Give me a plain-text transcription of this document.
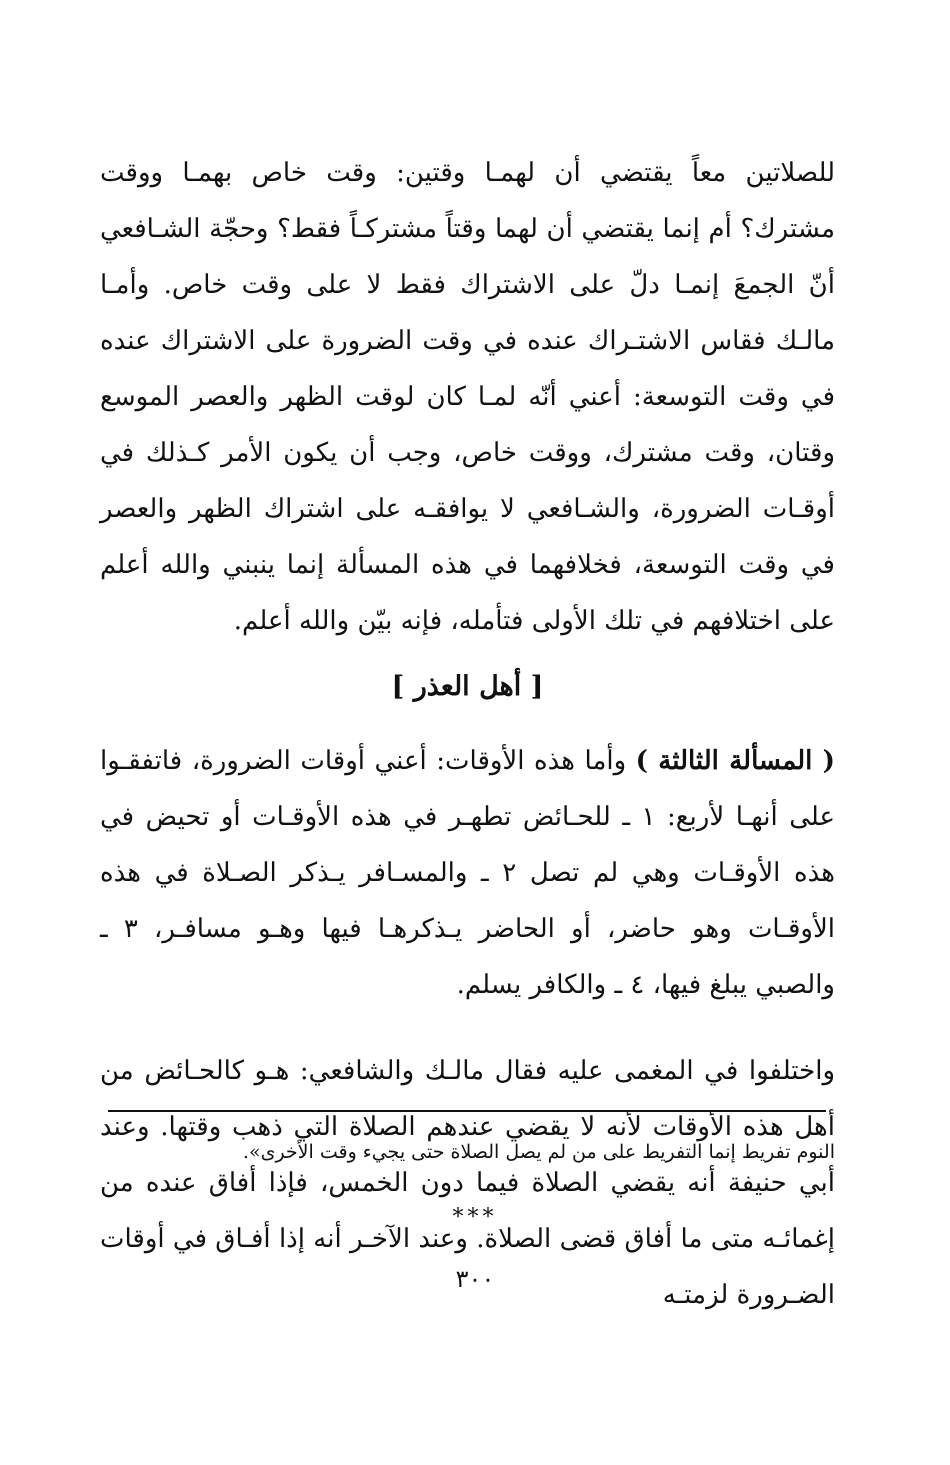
للصلاتين معاً يقتضي أن لهمـا وقتين: وقت خاص بهمـا ووقت مشترك؟ أم إنما يقتضي أن لهما وقتاً مشتركـاً فقط؟ وحجّة الشـافعي أنّ الجمعَ إنمـا دلّ على الاشتراك فقط لا على وقت خاص. وأمـا مالـك فقاس الاشتـراك عنده في وقت الضرورة على الاشتراك عنده في وقت التوسعة: أعني أنّه لمـا كان لوقت الظهر والعصر الموسع وقتان، وقت مشترك، ووقت خاص، وجب أن يكون الأمر كـذلك في أوقـات الضرورة، والشـافعي لا يوافقـه على اشتراك الظهر والعصر في وقت التوسعة، فخلافهما في هذه المسألة إنما ينبني والله أعلم على اختلافهم في تلك الأولى فتأمله، فإنه بيّن والله أعلم.

[ أهل العذر ]

( المسألة الثالثة ) وأما هذه الأوقات: أعني أوقات الضرورة، فاتفقـوا على أنهـا لأربع: ١ ـ للحـائض تطهـر في هذه الأوقـات أو تحيض في هذه الأوقـات وهي لم تصل ٢ ـ والمسـافر يـذكر الصـلاة في هذه الأوقـات وهو حاضر، أو الحاضر يـذكرهـا فيها وهـو مسافـر، ٣ ـ والصبي يبلغ فيها، ٤ ـ والكافر يسلم.

واختلفوا في المغمى عليه فقال مالـك والشافعي: هـو كالحـائض من أهل هذه الأوقات لأنه لا يقضي عندهم الصلاة التي ذهب وقتها. وعند أبي حنيفة أنه يقضي الصلاة فيما دون الخمس، فإذا أفاق عنده من إغمائـه متى ما أفاق قضى الصلاة. وعند الآخـر أنه إذا أفـاق في أوقات الضـرورة لزمتـه

النوم تفريط إنما التفريط على من لم يصل الصلاة حتى يجيء وقت الأخرى».
***
٣٠٠
